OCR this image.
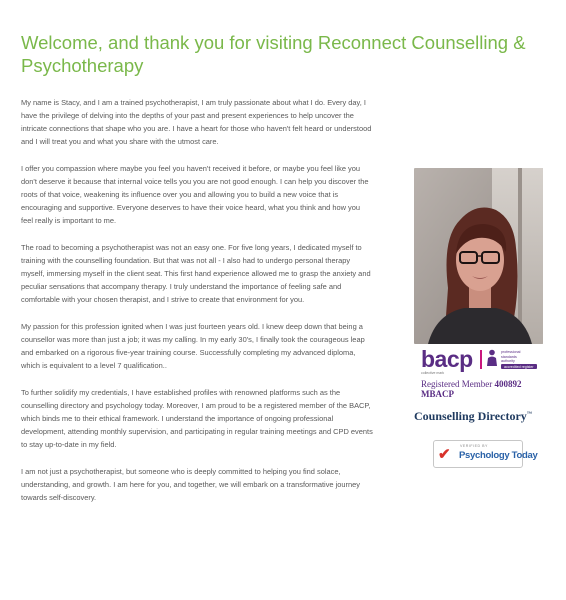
Welcome, and thank you for visiting Reconnect Counselling & Psychotherapy

My name is Stacy, and I am a trained psychotherapist, I am truly passionate about what I do. Every day, I have the privilege of delving into the depths of your past and present experiences to help uncover the intricate connections that shape who you are. I have a heart for those who haven't felt heard or understood and I will treat you and what you share with the utmost care.

I offer you compassion where maybe you feel you haven't received it before, or maybe you feel like you don't deserve it because that internal voice tells you you are not good enough. I can help you discover the roots of that voice, weakening its influence over you and allowing you to build a new voice that is encouraging and supportive. Everyone deserves to have their voice heard, what you think and how you feel really is important to me.

The road to becoming a psychotherapist was not an easy one. For five long years, I dedicated myself to training with the counselling foundation. But that was not all - I also had to undergo personal therapy myself, immersing myself in the client seat. This first hand experience allowed me to grasp the anxiety and peculiar sensations that accompany therapy. I truly understand the importance of feeling safe and comfortable with your chosen therapist, and I strive to create that environment for you.

My passion for this profession ignited when I was just fourteen years old. I knew deep down that being a counsellor was more than just a job; it was my calling. In my early 30's, I finally took the courageous leap and embarked on a rigorous five-year training course. Successfully completing my advanced diploma, which is equivalent to a level 7 qualification..

To further solidify my credentials, I have established profiles with renowned platforms such as the counselling directory and psychology today. Moreover, I am proud to be a registered member of the BACP, which binds me to their ethical framework. I understand the importance of ongoing professional development, attending monthly supervision, and participating in regular training meetings and CPD events to stay up-to-date in my field.

I am not just a psychotherapist, but someone who is deeply committed to helping you find solace, understanding, and growth. I am here for you, and together, we will embark on a transformative journey towards self-discovery.

bacp
collective mark
professional
standards
authority
accredited register
Registered Member 400892
MBACP
Counselling Directory™
✔	VERIFIED BY
Psychology Today
